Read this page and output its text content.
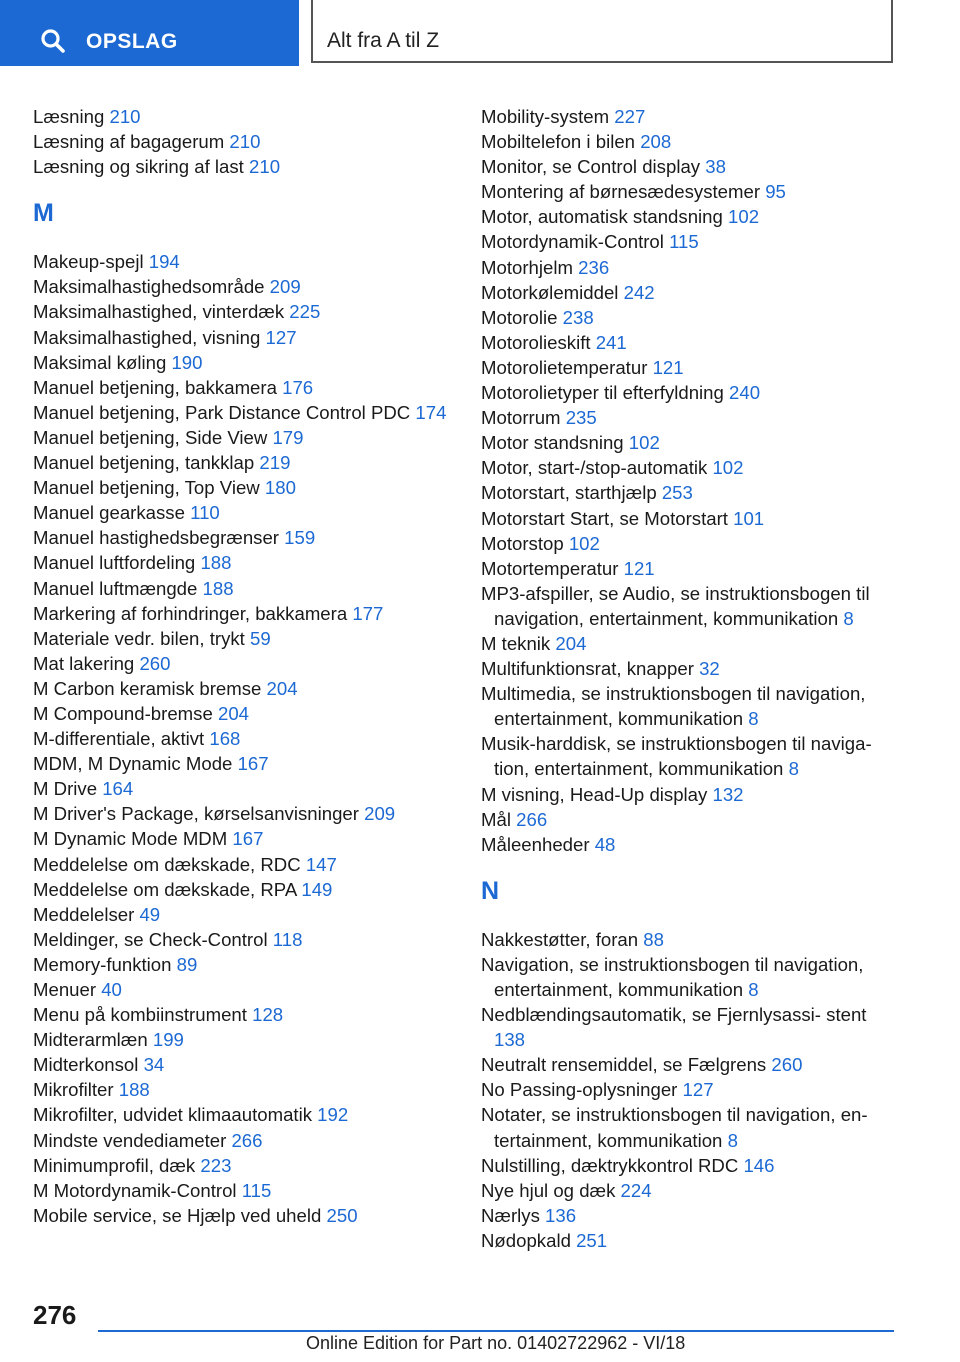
OPSLAG	Alt fra A til Z
Læsning 210
Læsning af bagagerum 210
Læsning og sikring af last 210
M
Makeup-spejl 194
Maksimalhastighedsområde 209
Maksimalhastighed, vinterdæk 225
Maksimalhastighed, visning 127
Maksimal køling 190
Manuel betjening, bakkamera 176
Manuel betjening, Park Distance Control PDC 174
Manuel betjening, Side View 179
Manuel betjening, tankklap 219
Manuel betjening, Top View 180
Manuel gearkasse 110
Manuel hastighedsbegrænser 159
Manuel luftfordeling 188
Manuel luftmængde 188
Markering af forhindringer, bakkamera 177
Materiale vedr. bilen, trykt 59
Mat lakering 260
M Carbon keramisk bremse 204
M Compound-bremse 204
M-differentiale, aktivt 168
MDM, M Dynamic Mode 167
M Drive 164
M Driver's Package, kørselsanvisninger 209
M Dynamic Mode MDM 167
Meddelelse om dækskade, RDC 147
Meddelelse om dækskade, RPA 149
Meddelelser 49
Meldinger, se Check-Control 118
Memory-funktion 89
Menuer 40
Menu på kombiinstrument 128
Midterarmlæn 199
Midterkonsol 34
Mikrofilter 188
Mikrofilter, udvidet klimaautomatik 192
Mindste vendediameter 266
Minimumprofil, dæk 223
M Motordynamik-Control 115
Mobile service, se Hjælp ved uheld 250
Mobility-system 227
Mobiltelefon i bilen 208
Monitor, se Control display 38
Montering af børnesædesystemer 95
Motor, automatisk standsning 102
Motordynamik-Control 115
Motorhjelm 236
Motorkølemiddel 242
Motorolie 238
Motorolieskift 241
Motorolietemperatur 121
Motorolietyper til efterfyldning 240
Motorrum 235
Motor standsning 102
Motor, start-/stop-automatik 102
Motorstart, starthjælp 253
Motorstart Start, se Motorstart 101
Motorstop 102
Motortemperatur 121
MP3-afspiller, se Audio, se instruktionsbogen til navigation, entertainment, kommunikation 8
M teknik 204
Multifunktionsrat, knapper 32
Multimedia, se instruktionsbogen til navigation, entertainment, kommunikation 8
Musik-harddisk, se instruktionsbogen til naviga- tion, entertainment, kommunikation 8
M visning, Head-Up display 132
Mål 266
Måleenheder 48
N
Nakkestøtter, foran 88
Navigation, se instruktionsbogen til navigation, entertainment, kommunikation 8
Nedblændingsautomatik, se Fjernlysassi- stent 138
Neutralt rensemiddel, se Fælgrens 260
No Passing-oplysninger 127
Notater, se instruktionsbogen til navigation, en- tertainment, kommunikation 8
Nulstilling, dæktrykkontrol RDC 146
Nye hjul og dæk 224
Nærlys 136
Nødopkald 251
276
Online Edition for Part no. 01402722962 - VI/18
